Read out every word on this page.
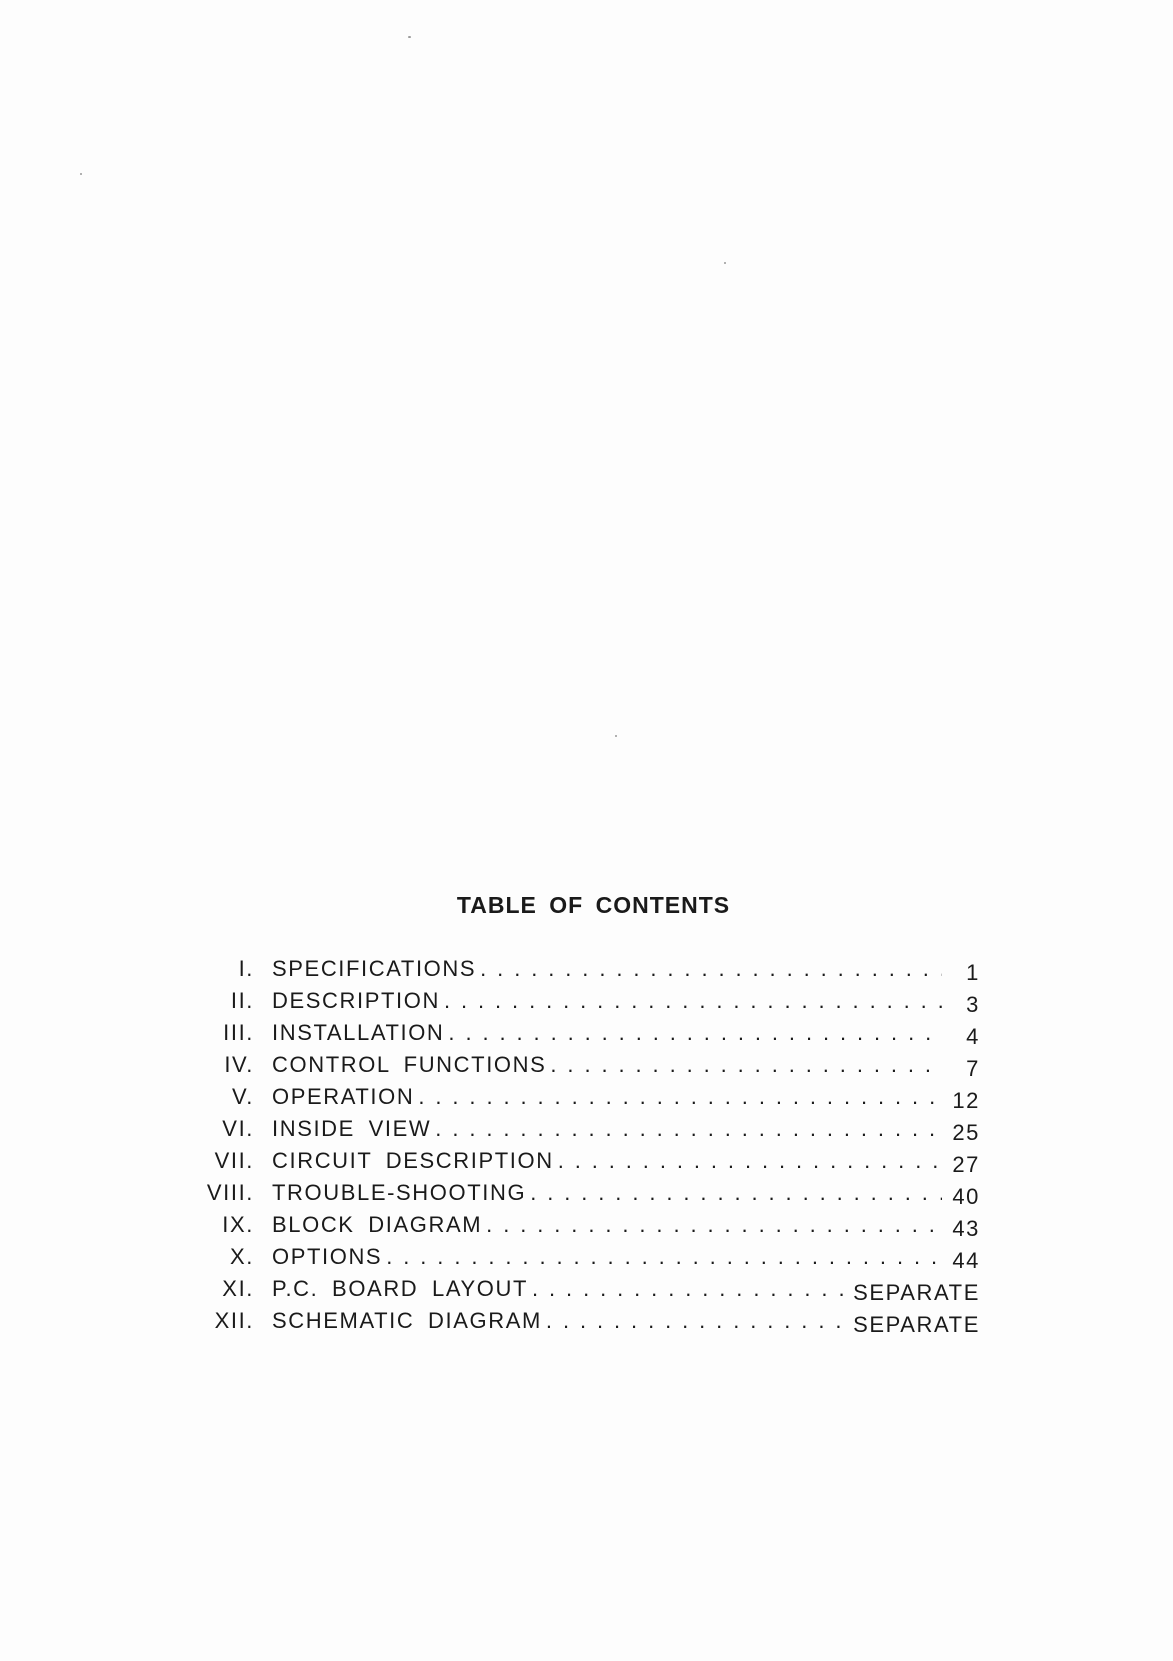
TABLE OF CONTENTS
I. SPECIFICATIONS . . .	1
II. DESCRIPTION . . .	3
III. INSTALLATION . . .	4
IV. CONTROL FUNCTIONS . . .	7
V. OPERATION . . .	12
VI. INSIDE VIEW . . .	25
VII. CIRCUIT DESCRIPTION . . .	27
VIII. TROUBLE-SHOOTING . . .	40
IX. BLOCK DIAGRAM . . .	43
X. OPTIONS . . .	44
XI. P.C. BOARD LAYOUT . . .	SEPARATE
XII. SCHEMATIC DIAGRAM . . .	SEPARATE
